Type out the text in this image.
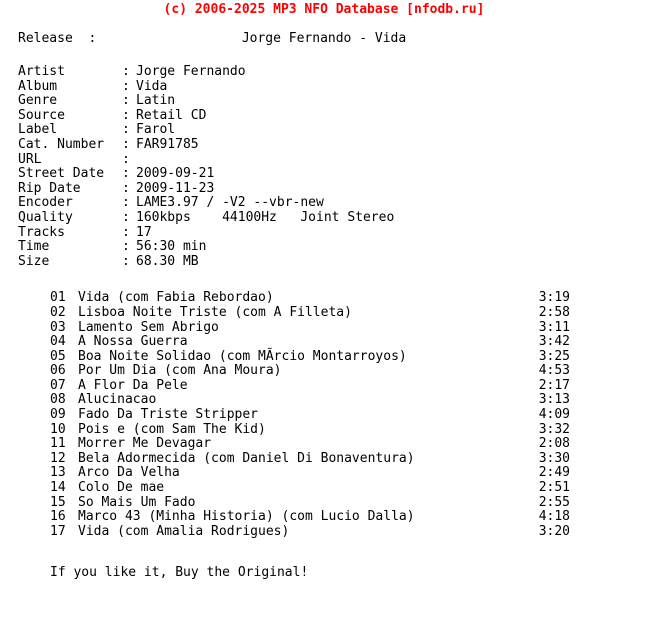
(c) 2006-2025 MP3 NFO Database [nfodb.ru]
Release  :	Jorge Fernando - Vida
Artist	: Jorge Fernando
Album	: Vida
Genre	: Latin
Source	: Retail CD
Label	: Farol
Cat. Number : FAR91785
URL	:
Street Date : 2009-09-21
Rip Date	: 2009-11-23
Encoder	: LAME3.97 / -V2 --vbr-new
Quality	: 160kbps    44100Hz   Joint Stereo
Tracks	: 17
Time	: 56:30 min
Size	: 68.30 MB
01 Vida (com Fabia Rebordao)	3:19
02 Lisboa Noite Triste (com A Filleta)	2:58
03 Lamento Sem Abrigo	3:11
04 A Nossa Guerra	3:42
05 Boa Noite Solidao (com MÃrcio Montarroyos)	3:25
06 Por Um Dia (com Ana Moura)	4:53
07 A Flor Da Pele	2:17
08 Alucinacao	3:13
09 Fado Da Triste Stripper	4:09
10 Pois e (com Sam The Kid)	3:32
11 Morrer Me Devagar	2:08
12 Bela Adormecida (com Daniel Di Bonaventura)	3:30
13 Arco Da Velha	2:49
14 Colo De mae	2:51
15 So Mais Um Fado	2:55
16 Marco 43 (Minha Historia) (com Lucio Dalla)	4:18
17 Vida (com Amalia Rodrigues)	3:20
If you like it, Buy the Original!
